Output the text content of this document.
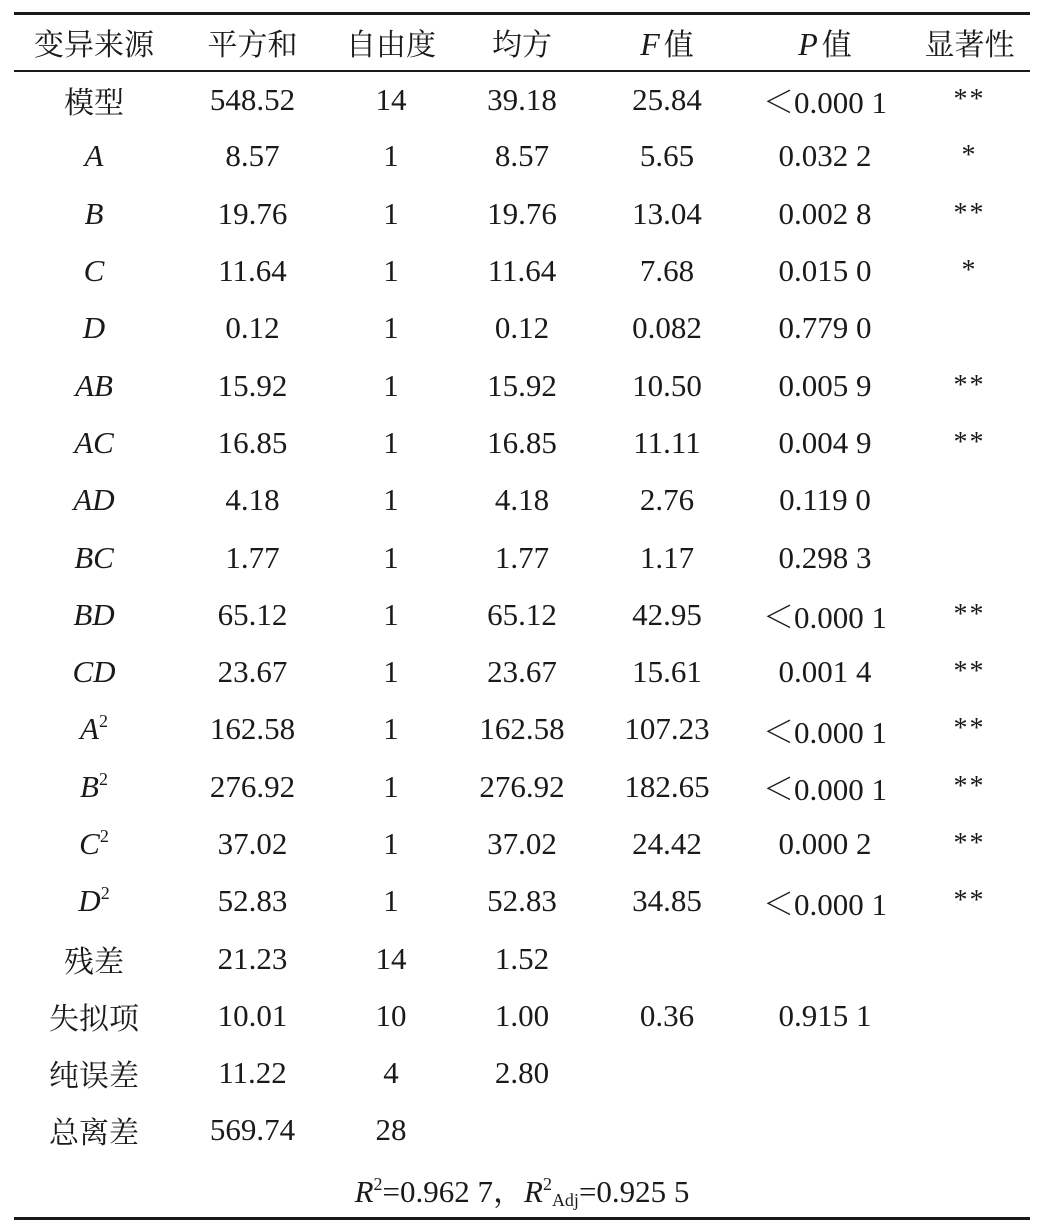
变异来源	平方和	自由度	均方	F 值	P 值	显著性
模型	548.52	14	39.18	25.84	＜0.000 1	**
A	8.57	1	8.57	5.65	0.032 2	*
B	19.76	1	19.76	13.04	0.002 8	**
C	11.64	1	11.64	7.68	0.015 0	*
D	0.12	1	0.12	0.082	0.779 0	
AB	15.92	1	15.92	10.50	0.005 9	**
AC	16.85	1	16.85	11.11	0.004 9	**
AD	4.18	1	4.18	2.76	0.119 0	
BC	1.77	1	1.77	1.17	0.298 3	
BD	65.12	1	65.12	42.95	＜0.000 1	**
CD	23.67	1	23.67	15.61	0.001 4	**
$A^2$	162.58	1	162.58	107.23	＜0.000 1	**
$B^2$	276.92	1	276.92	182.65	＜0.000 1	**
$C^2$	37.02	1	37.02	24.42	0.000 2	**
$D^2$	52.83	1	52.83	34.85	＜0.000 1	**
残差	21.23	14	1.52			
失拟项	10.01	10	1.00	0.36	0.915 1	
纯误差	11.22	4	2.80			
总离差	569.74	28				
$R^2=0.962$ 7，$R^2_{Adj}=0.925$ 5						
